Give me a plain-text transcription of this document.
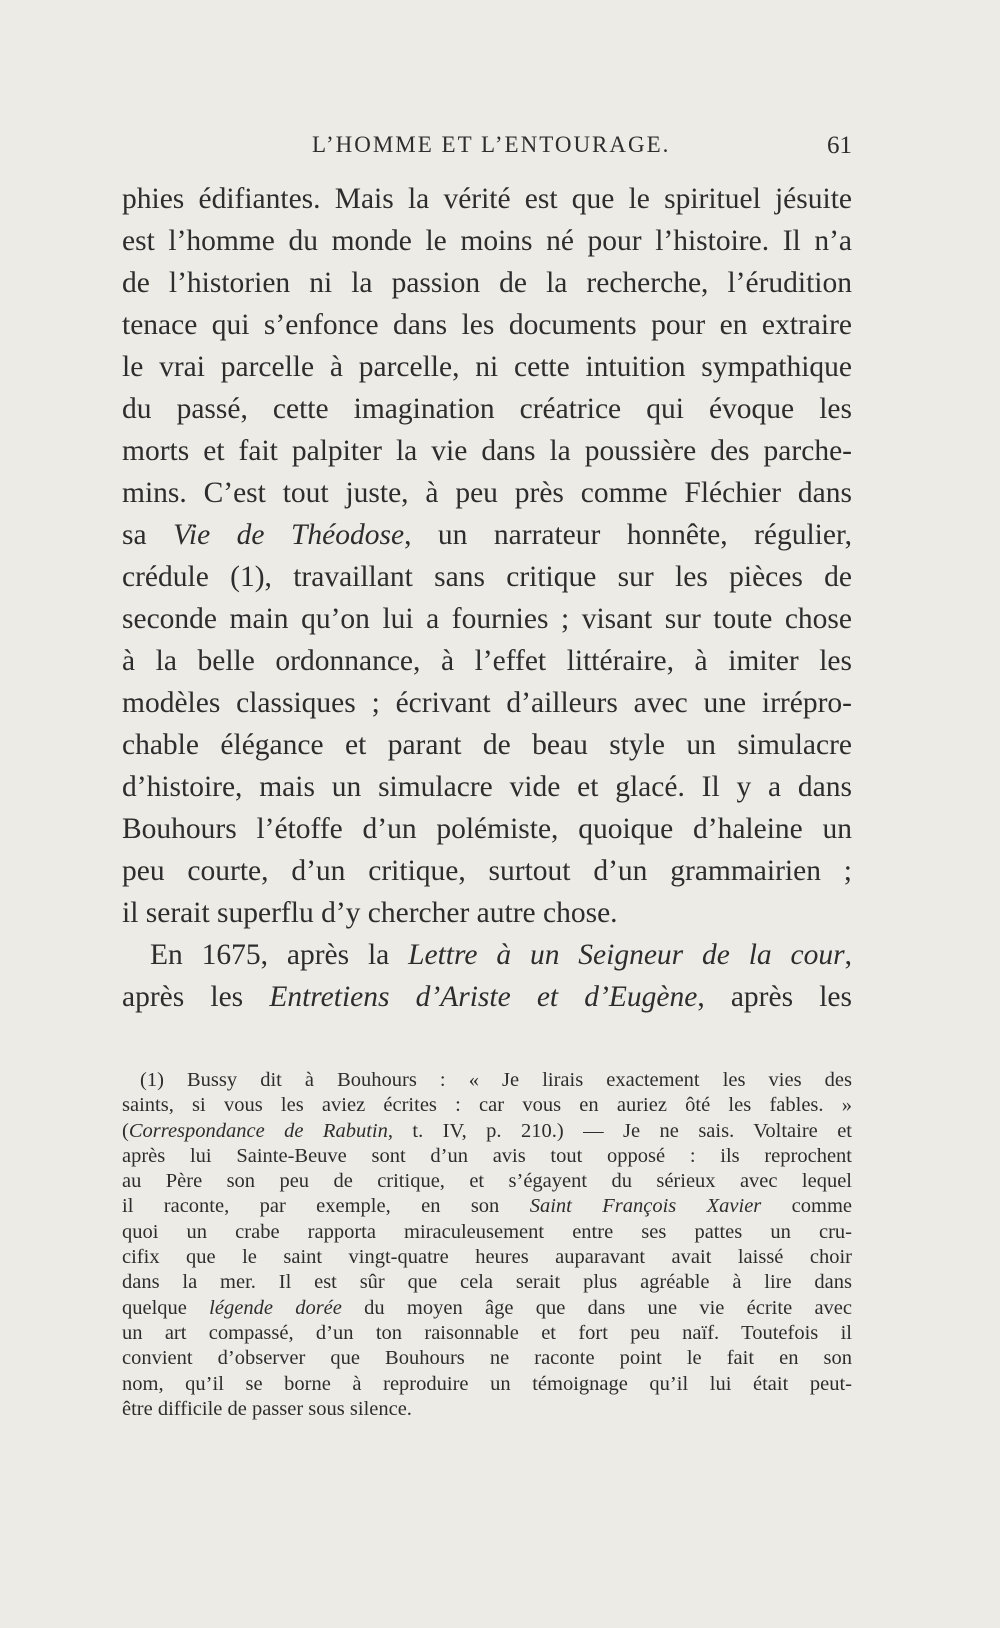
L’HOMME ET L’ENTOURAGE.	61
phies édifiantes. Mais la vérité est que le spirituel jésuite
est l’homme du monde le moins né pour l’histoire. Il n’a
de l’historien ni la passion de la recherche, l’érudition
tenace qui s’enfonce dans les documents pour en extraire
le vrai parcelle à parcelle, ni cette intuition sympathique
du passé, cette imagination créatrice qui évoque les
morts et fait palpiter la vie dans la poussière des parche-
mins. C’est tout juste, à peu près comme Fléchier dans
sa Vie de Théodose, un narrateur honnête, régulier,
crédule (1), travaillant sans critique sur les pièces de
seconde main qu’on lui a fournies ; visant sur toute chose
à la belle ordonnance, à l’effet littéraire, à imiter les
modèles classiques ; écrivant d’ailleurs avec une irrépro-
chable élégance et parant de beau style un simulacre
d’histoire, mais un simulacre vide et glacé. Il y a dans
Bouhours l’étoffe d’un polémiste, quoique d’haleine un
peu courte, d’un critique, surtout d’un grammairien ;
il serait superflu d’y chercher autre chose.
En 1675, après la Lettre à un Seigneur de la cour,
après les Entretiens d’Ariste et d’Eugène, après les
(1) Bussy dit à Bouhours : « Je lirais exactement les vies des
saints, si vous les aviez écrites : car vous en auriez ôté les fables. »
(Correspondance de Rabutin, t. IV, p. 210.) — Je ne sais. Voltaire et
après lui Sainte-Beuve sont d’un avis tout opposé : ils reprochent
au Père son peu de critique, et s’égayent du sérieux avec lequel
il raconte, par exemple, en son Saint François Xavier comme
quoi un crabe rapporta miraculeusement entre ses pattes un cru-
cifix que le saint vingt-quatre heures auparavant avait laissé choir
dans la mer. Il est sûr que cela serait plus agréable à lire dans
quelque légende dorée du moyen âge que dans une vie écrite avec
un art compassé, d’un ton raisonnable et fort peu naïf. Toutefois il
convient d’observer que Bouhours ne raconte point le fait en son
nom, qu’il se borne à reproduire un témoignage qu’il lui était peut-
être difficile de passer sous silence.
